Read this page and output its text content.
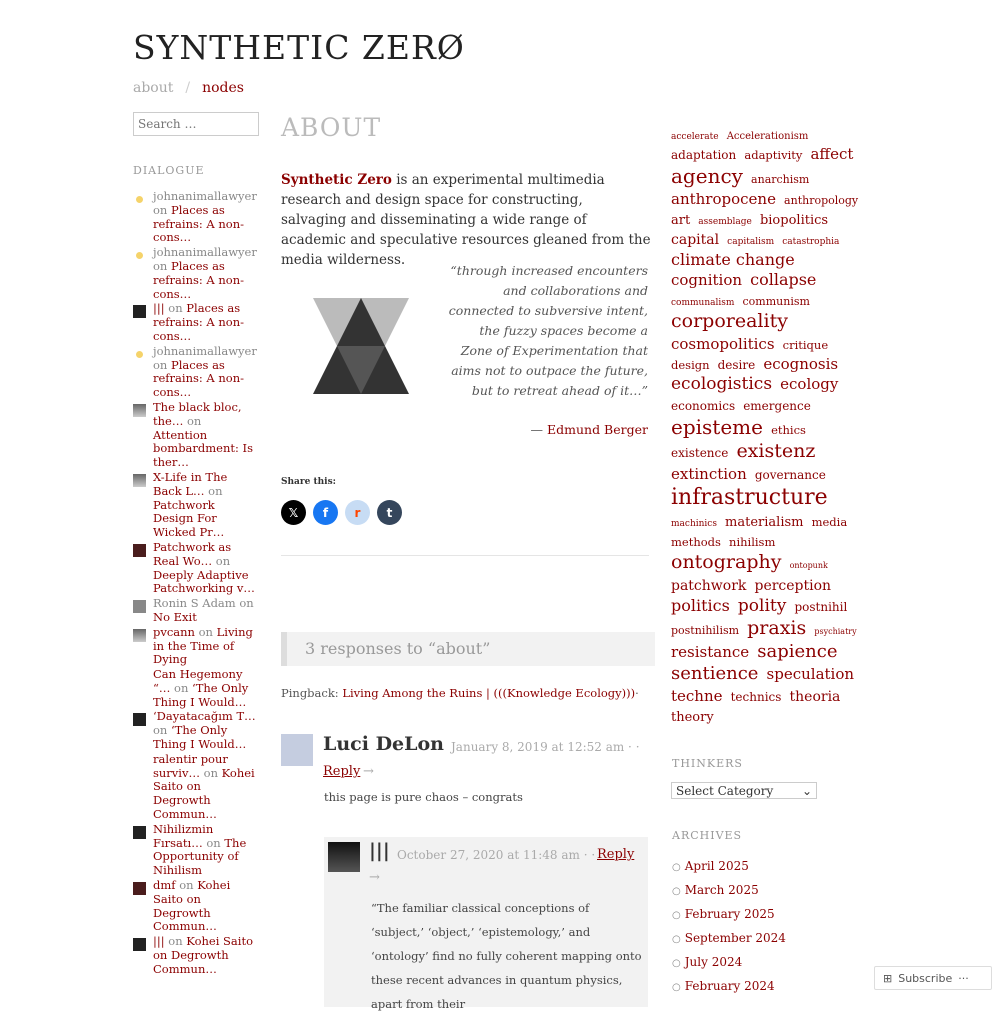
SYNTHETIC ZERØ
about / nodes
Search …
DIALOGUE
johnanimallawyer on Places as refrains: A non-cons…
johnanimallawyer on Places as refrains: A non-cons…
||| on Places as refrains: A non-cons…
johnanimallawyer on Places as refrains: A non-cons…
The black bloc, the… on Attention bombardment: Is ther…
X-Life in The Back L… on Patchwork Design For Wicked Pr…
Patchwork as Real Wo… on Deeply Adaptive Patchworking v…
Ronin S Adam on No Exit
pvcann on Living in the Time of Dying
Can Hegemony “… on ‘The Only Thing I Would…
‘Dayatacağım T… on ‘The Only Thing I Would…
ralentir pour surviv… on Kohei Saito on Degrowth Commun…
Nihilizmin Fırsatı… on The Opportunity of Nihilism
dmf on Kohei Saito on Degrowth Commun…
||| on Kohei Saito on Degrowth Commun…
ABOUT

Synthetic Zero is an experimental multimedia research and design space for constructing, salvaging and disseminating a wide range of academic and speculative resources gleaned from the media wilderness.

“through increased encounters and collaborations and connected to subversive intent, the fuzzy spaces become a Zone of Experimentation that aims not to outpace the future, but to retreat ahead of it…”

— Edmund Berger
Share this:
𝕏	f	r	t
3 responses to “about”
Pingback: Living Among the Ruins | (((Knowledge Ecology)))·
Luci DeLon January 8, 2019 at 12:52 am · ·
Reply →
this page is pure chaos – congrats
||| October 27, 2020 at 11:48 am · · Reply
→

“The familiar classical conceptions of ‘subject,’ ‘object,’ ‘epistemology,’ and ‘ontology’ find no fully coherent mapping onto these recent advances in quantum physics, apart from their

accelerate Accelerationism adaptation adaptivity affect agency anarchism anthropocene anthropology art assemblage biopolitics capital capitalism catastrophia climate change cognition collapse communalism communism corporeality cosmopolitics critique design desire ecognosis ecologistics ecology economics emergence episteme ethics existence existenz extinction governance infrastructure machinics materialism media methods nihilism ontography ontopunk patchwork perception politics polity postnihil postnihilism praxis psychiatry resistance sapience sentience speculation techne technics theoria theory
THINKERS
Select Category ⌄
ARCHIVES
○ April 2025
○ March 2025
○ February 2025
○ September 2024
○ July 2024
○ February 2024
⊞ Subscribe ···
